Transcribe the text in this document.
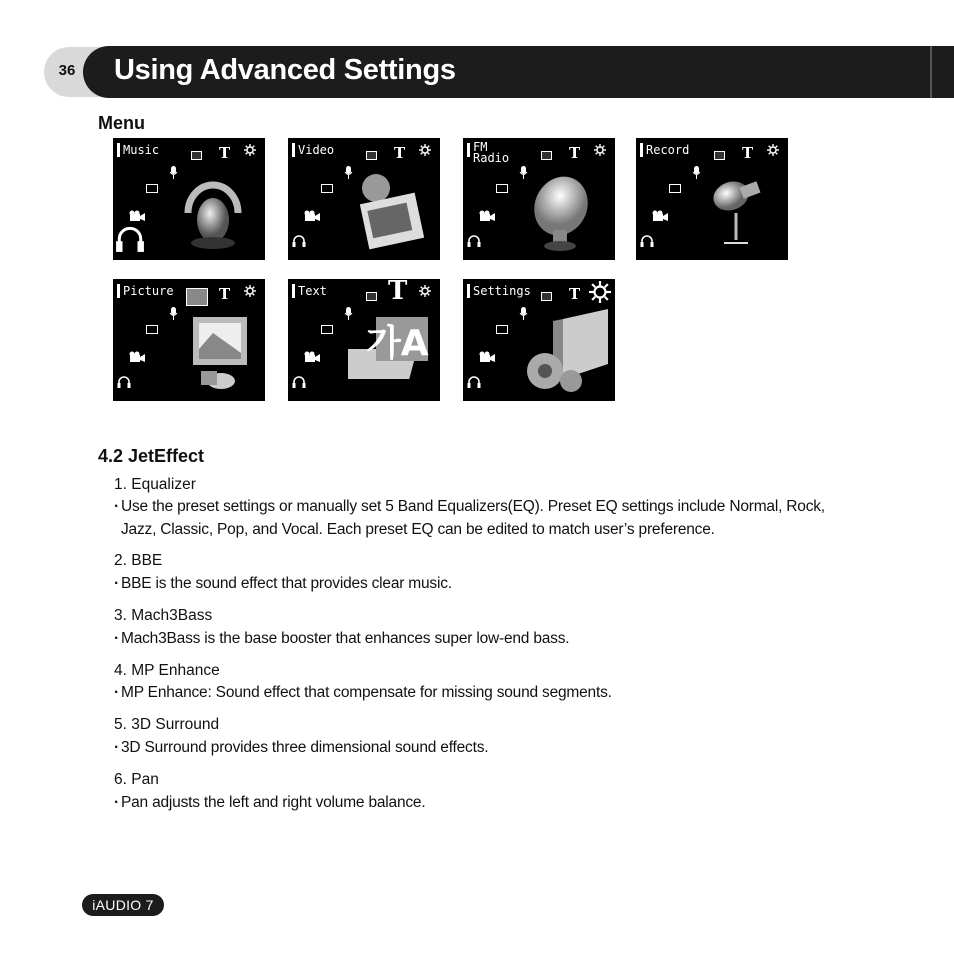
36 Using Advanced Settings
Menu
Music	T	Video	T	FM
Radio	T	Record	T
Picture	T	Text T
가A
Settings	T
4.2 JetEffect
1. Equalizer
· Use the preset settings or manually set 5 Band Equalizers(EQ). Preset EQ settings include Normal, Rock,
Jazz, Classic, Pop, and Vocal. Each preset EQ can be edited to match user’s preference.
2. BBE
· BBE is the sound effect that provides clear music.
3. Mach3Bass
· Mach3Bass is the base booster that enhances super low-end bass.
4. MP Enhance
· MP Enhance: Sound effect that compensate for missing sound segments.
5. 3D Surround
· 3D Surround provides three dimensional sound effects.
6. Pan
· Pan adjusts the left and right volume balance.
iAUDIO 7
